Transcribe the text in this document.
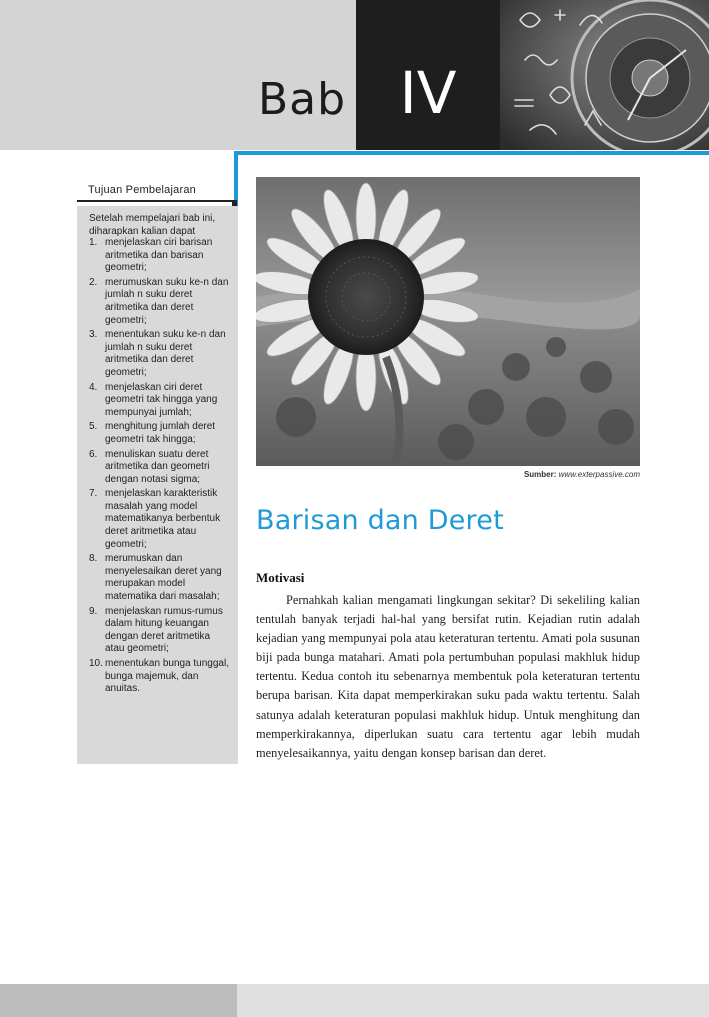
Bab IV
Tujuan Pembelajaran
Setelah mempelajari bab ini, diharapkan kalian dapat
1. menjelaskan ciri barisan aritmetika dan barisan geometri;
2. merumuskan suku ke-n dan jumlah n suku deret aritmetika dan deret geometri;
3. menentukan suku ke-n dan jumlah n suku deret aritmetika dan deret geometri;
4. menjelaskan ciri deret geometri tak hingga yang mempunyai jumlah;
5. menghitung jumlah deret geometri tak hingga;
6. menuliskan suatu deret aritmetika dan geometri dengan notasi sigma;
7. menjelaskan karakteristik masalah yang model matematikanya berbentuk deret aritmetika atau geometri;
8. merumuskan dan menyelesaikan deret yang merupakan model matematika dari masalah;
9. menjelaskan rumus-rumus dalam hitung keuangan dengan deret aritmetika atau geometri;
10. menentukan bunga tunggal, bunga majemuk, dan anuitas.
Sumber: www.exterpassive.com
Barisan dan Deret
Motivasi

Pernahkah kalian mengamati lingkungan sekitar? Di sekeliling kalian tentulah banyak terjadi hal-hal yang bersifat rutin. Kejadian rutin adalah kejadian yang mempunyai pola atau keteraturan tertentu. Amati pola susunan biji pada bunga matahari. Amati pola pertumbuhan populasi makhluk hidup tertentu. Kedua contoh itu sebenarnya membentuk pola keteraturan tertentu berupa barisan. Kita dapat memperkirakan suku pada waktu tertentu. Salah satunya adalah keteraturan populasi makhluk hidup. Untuk menghitung dan memperkirakannya, diperlukan suatu cara tertentu agar lebih mudah menyelesaikannya, yaitu dengan konsep barisan dan deret.
